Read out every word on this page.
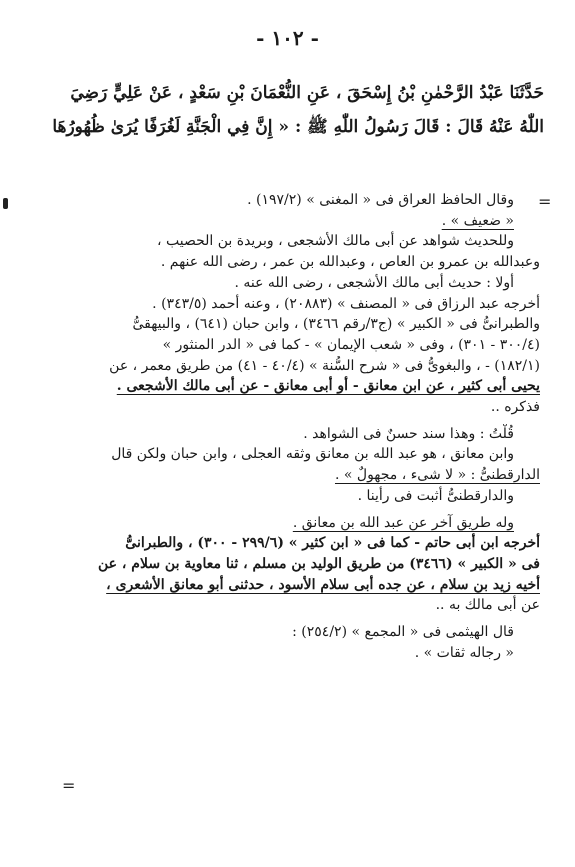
- ١٠٢ -

حَدَّثَنَا عَبْدُ الرَّحْمٰنِ بْنُ إِسْحَقَ ، عَنِ النُّعْمَانَ بْنِ سَعْدٍ ، عَنْ عَلِيٍّ رَضِيَ

اللّٰهُ عَنْهُ قَالَ : قَالَ رَسُولُ اللّٰهِ ﷺ : « إِنَّ فِي الْجَنَّةِ لَغُرَفًا يُرَىٰ ظُهُورُهَا

=
=

وقال الحافظ العراق فى « المغنى » (١٩٧/٢) .

« ضعيف » .

وللحديث شواهد عن أبى مالك الأشجعى ، وبريدة بن الحصيب ،

وعبدالله بن عمرو بن العاص ، وعبدالله بن عمر ، رضى الله عنهم .

أولا : حديث أبى مالك الأشجعى ، رضى الله عنه .

أخرجه عبد الرزاق فى « المصنف » (٢٠٨٨٣) ، وعنه أحمد (٣٤٣/٥) .

والطبرانىُّ فى « الكبير » (ج٣/رقم ٣٤٦٦) ، وابن حبان (٦٤١) ، والبيهقىُّ

(٣٠٠/٤ - ٣٠١) ، وفى « شعب الإيمان » - كما فى « الدر المنثور »

(١٨٢/١) - ، والبغوىُّ فى « شرح السُّنة » (٤٠/٤ - ٤١) من طريق معمر ، عن

يحيى أبى كثير ، عن ابن معانق - أو أبى معانق - عن أبى مالك الأشجعى .

فذكره ..

قُلْتُ : وهذا سند حسنٌ فى الشواهد .

وابن معانق ، هو عبد الله بن معانق وثقه العجلى ، وابن حبان ولكن قال

الدارقطنىُّ : « لا شىء ، مجهولٌ » .

والدارقطنىُّ أثبت فى رأينا .

وله طريق آخر عن عبد الله بن معانق .

أخرجه ابن أبى حاتم - كما فى « ابن كثير » (٢٩٩/٦ - ٣٠٠) ، والطبرانىُّ

فى « الكبير » (٣٤٦٦) من طريق الوليد بن مسلم ، ثنا معاوية بن سلام ، عن

أخيه زيد بن سلام ، عن جده أبى سلام الأسود ، حدثنى أبو معانق الأشعرى ،

عن أبى مالك به ..

قال الهيثمى فى « المجمع » (٢٥٤/٢) :

« رجاله ثقات » .
